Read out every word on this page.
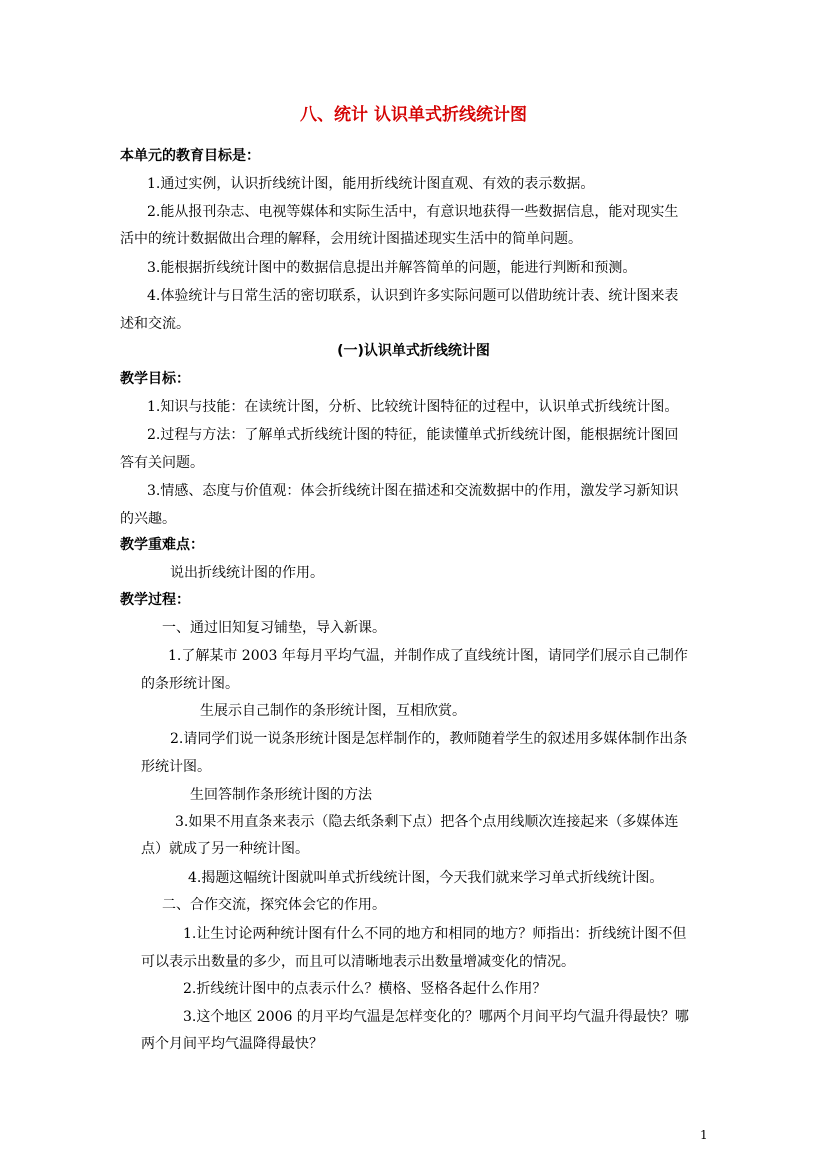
八、统计 认识单式折线统计图
本单元的教育目标是：
1.通过实例，认识折线统计图，能用折线统计图直观、有效的表示数据。
2.能从报刊杂志、电视等媒体和实际生活中，有意识地获得一些数据信息，能对现实生
活中的统计数据做出合理的解释，会用统计图描述现实生活中的简单问题。
3.能根据折线统计图中的数据信息提出并解答简单的问题，能进行判断和预测。
4.体验统计与日常生活的密切联系，认识到许多实际问题可以借助统计表、统计图来表
述和交流。
(一)认识单式折线统计图
教学目标：
1.知识与技能：在读统计图，分析、比较统计图特征的过程中，认识单式折线统计图。
2.过程与方法：了解单式折线统计图的特征，能读懂单式折线统计图，能根据统计图回
答有关问题。
3.情感、态度与价值观：体会折线统计图在描述和交流数据中的作用，激发学习新知识
的兴趣。
教学重难点：
说出折线统计图的作用。
教学过程：
一、通过旧知复习铺垫，导入新课。
1.了解某市 2003 年每月平均气温，并制作成了直线统计图，请同学们展示自己制作
的条形统计图。
生展示自己制作的条形统计图，互相欣赏。
2.请同学们说一说条形统计图是怎样制作的，教师随着学生的叙述用多媒体制作出条
形统计图。
生回答制作条形统计图的方法
3.如果不用直条来表示（隐去纸条剩下点）把各个点用线顺次连接起来（多媒体连
点）就成了另一种统计图。
4.揭题这幅统计图就叫单式折线统计图，今天我们就来学习单式折线统计图。
二、合作交流，探究体会它的作用。
1.让生讨论两种统计图有什么不同的地方和相同的地方？师指出：折线统计图不但
可以表示出数量的多少，而且可以清晰地表示出数量增减变化的情况。
2.折线统计图中的点表示什么？横格、竖格各起什么作用？
3.这个地区 2006 的月平均气温是怎样变化的？哪两个月间平均气温升得最快？哪
两个月间平均气温降得最快？
1
